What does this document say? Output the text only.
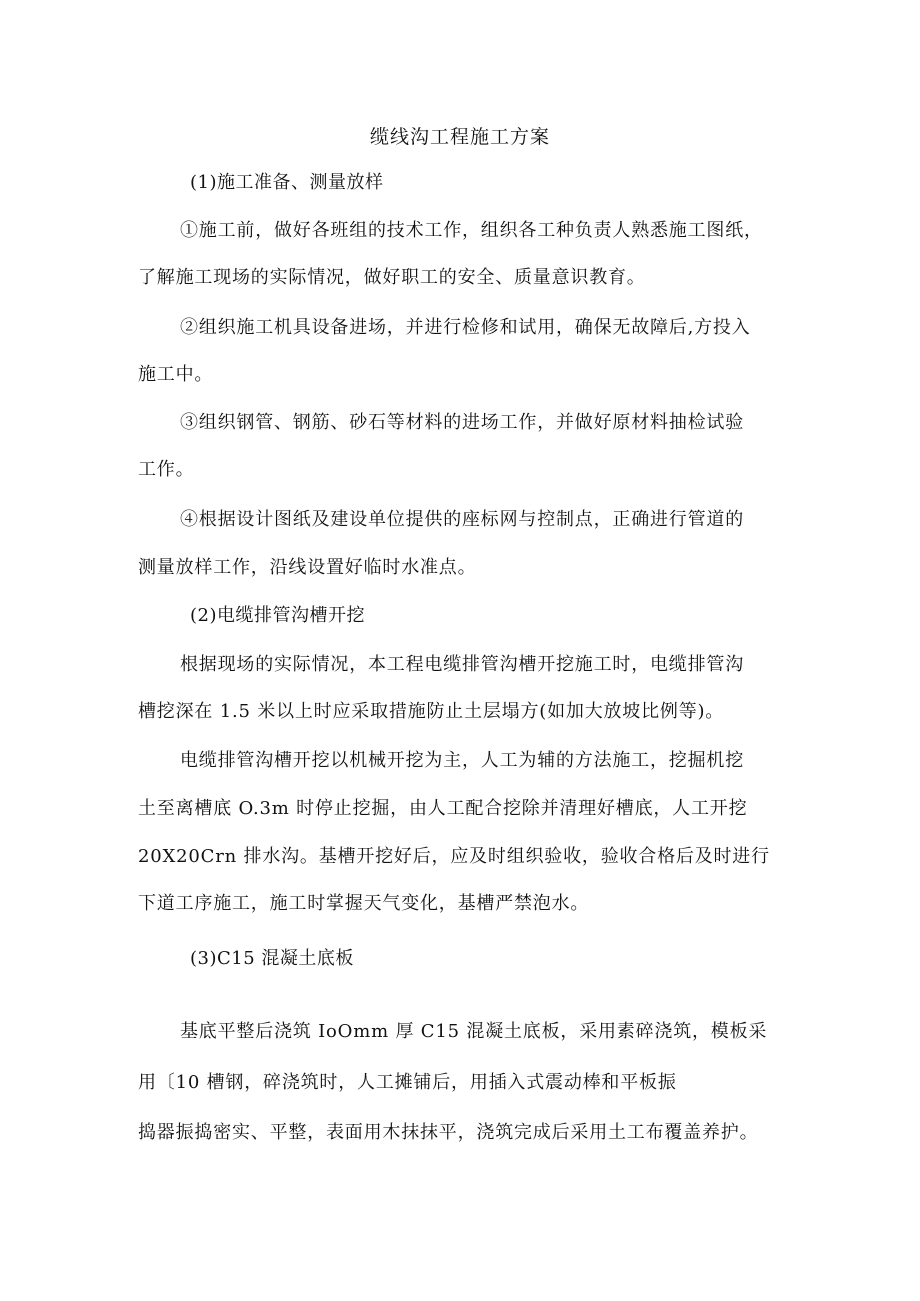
缆线沟工程施工方案
(1)施工准备、测量放样
①施工前，做好各班组的技术工作，组织各工种负责人熟悉施工图纸，
了解施工现场的实际情况，做好职工的安全、质量意识教育。
②组织施工机具设备进场，并进行检修和试用，确保无故障后,方投入
施工中。
③组织钢管、钢筋、砂石等材料的进场工作，并做好原材料抽检试验
工作。
④根据设计图纸及建设单位提供的座标网与控制点，正确进行管道的
测量放样工作，沿线设置好临时水准点。
(2)电缆排管沟槽开挖
根据现场的实际情况，本工程电缆排管沟槽开挖施工时，电缆排管沟
槽挖深在 1.5 米以上时应采取措施防止土层塌方(如加大放坡比例等)。
电缆排管沟槽开挖以机械开挖为主，人工为辅的方法施工，挖掘机挖
土至离槽底 O.3m 时停止挖掘，由人工配合挖除并清理好槽底，人工开挖
20X20Crn 排水沟。基槽开挖好后，应及时组织验收，验收合格后及时进行
下道工序施工，施工时掌握天气变化，基槽严禁泡水。
(3)C15 混凝土底板
基底平整后浇筑 IoOmm 厚 C15 混凝土底板，采用素碎浇筑，模板采
用〔10 槽钢，碎浇筑时，人工摊铺后，用插入式震动棒和平板振
捣器振捣密实、平整，表面用木抹抹平，浇筑完成后采用土工布覆盖养护。
